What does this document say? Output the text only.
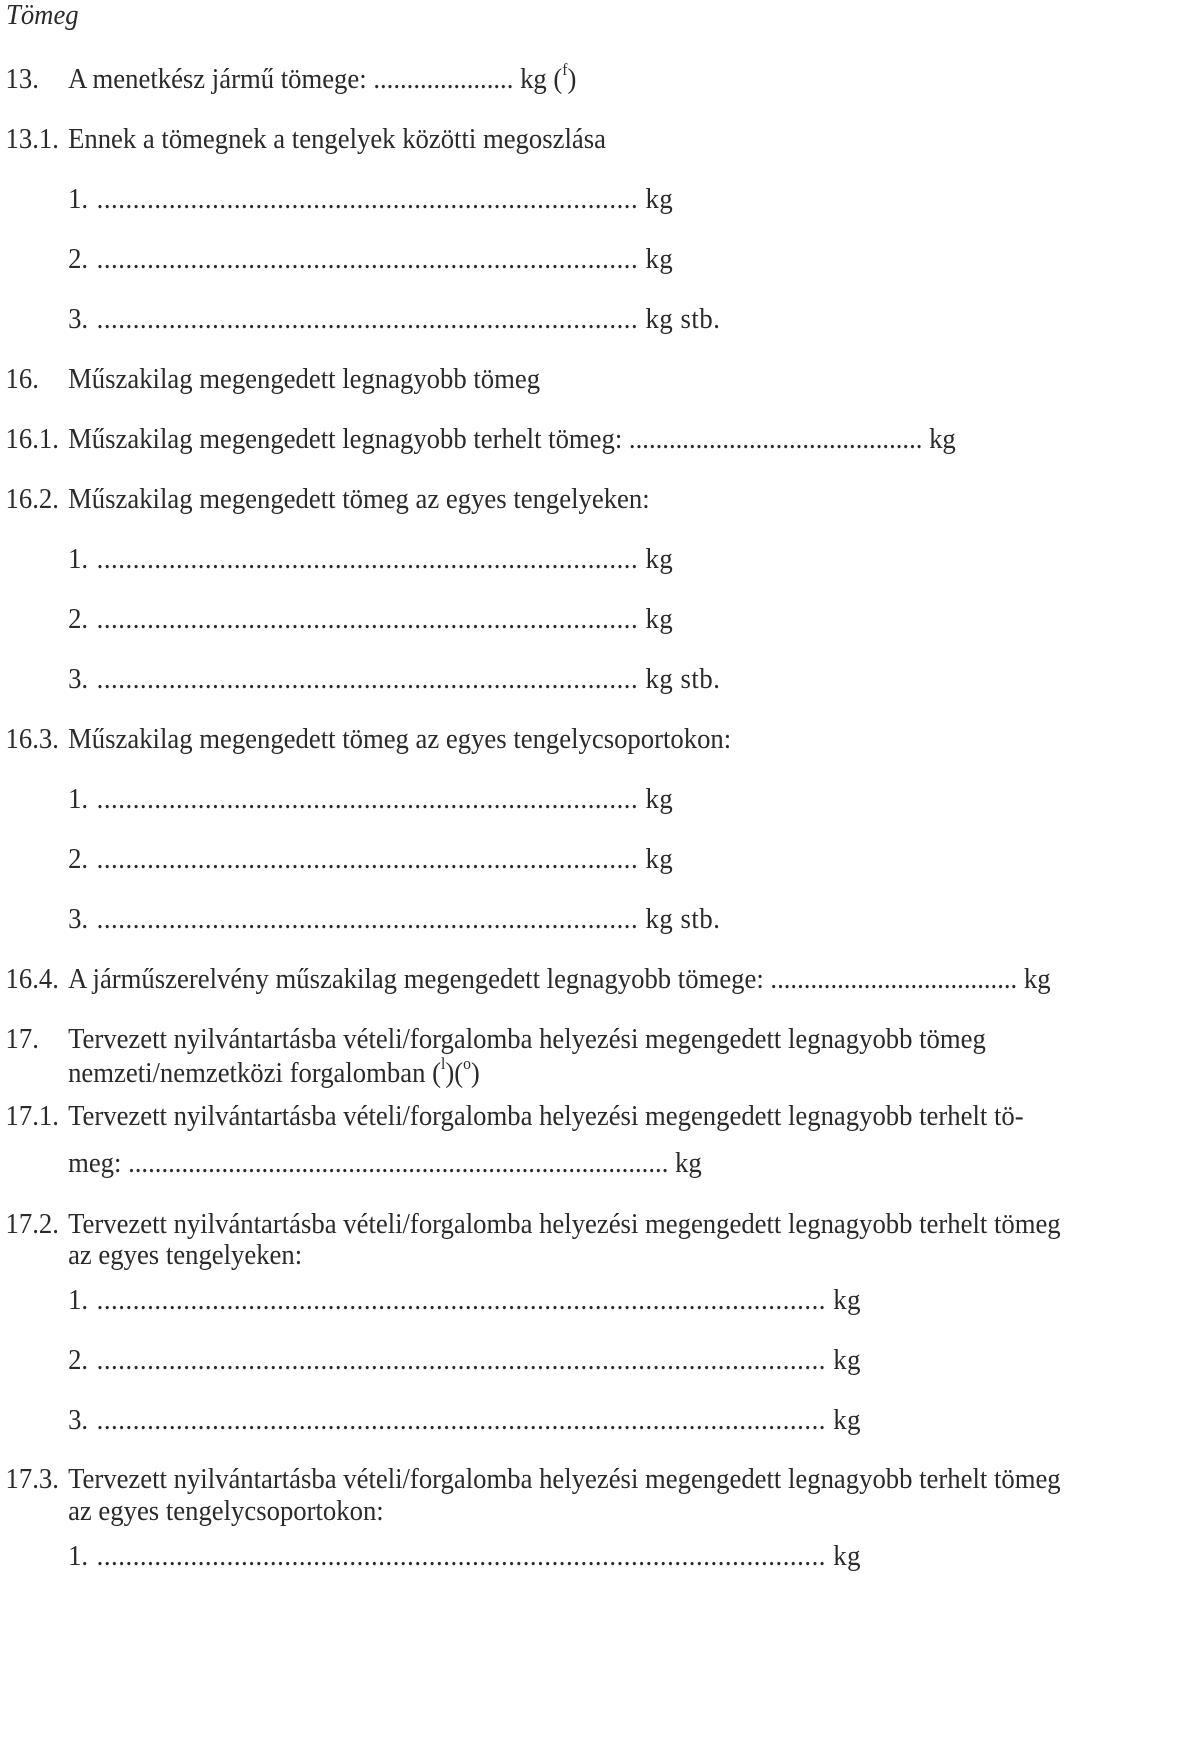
Tömeg
13. A menetkész jármű tömege: ..................... kg ($^f$)
13.1. Ennek a tömegnek a tengelyek közötti megoszlása
1. ........................................................................... kg
2. ........................................................................... kg
3. ........................................................................... kg stb.
16. Műszakilag megengedett legnagyobb tömeg
16.1. Műszakilag megengedett legnagyobb terhelt tömeg: ............................................ kg
16.2. Műszakilag megengedett tömeg az egyes tengelyeken:
1. ........................................................................... kg
2. ........................................................................... kg
3. ........................................................................... kg stb.
16.3. Műszakilag megengedett tömeg az egyes tengelycsoportokon:
1. ........................................................................... kg
2. ........................................................................... kg
3. ........................................................................... kg stb.
16.4. A járműszerelvény műszakilag megengedett legnagyobb tömege: ..................................... kg
17. Tervezett nyilvántartásba vételi/forgalomba helyezési megengedett legnagyobb tömeg
nemzeti/nemzetközi forgalomban ($^l$)($^o$)
17.1. Tervezett nyilvántartásba vételi/forgalomba helyezési megengedett legnagyobb terhelt tö-
meg: ................................................................................. kg
17.2. Tervezett nyilvántartásba vételi/forgalomba helyezési megengedett legnagyobb terhelt tömeg
az egyes tengelyeken:
1. ..................................................................................................... kg
2. ..................................................................................................... kg
3. ..................................................................................................... kg
17.3. Tervezett nyilvántartásba vételi/forgalomba helyezési megengedett legnagyobb terhelt tömeg
az egyes tengelycsoportokon:
1. ..................................................................................................... kg
